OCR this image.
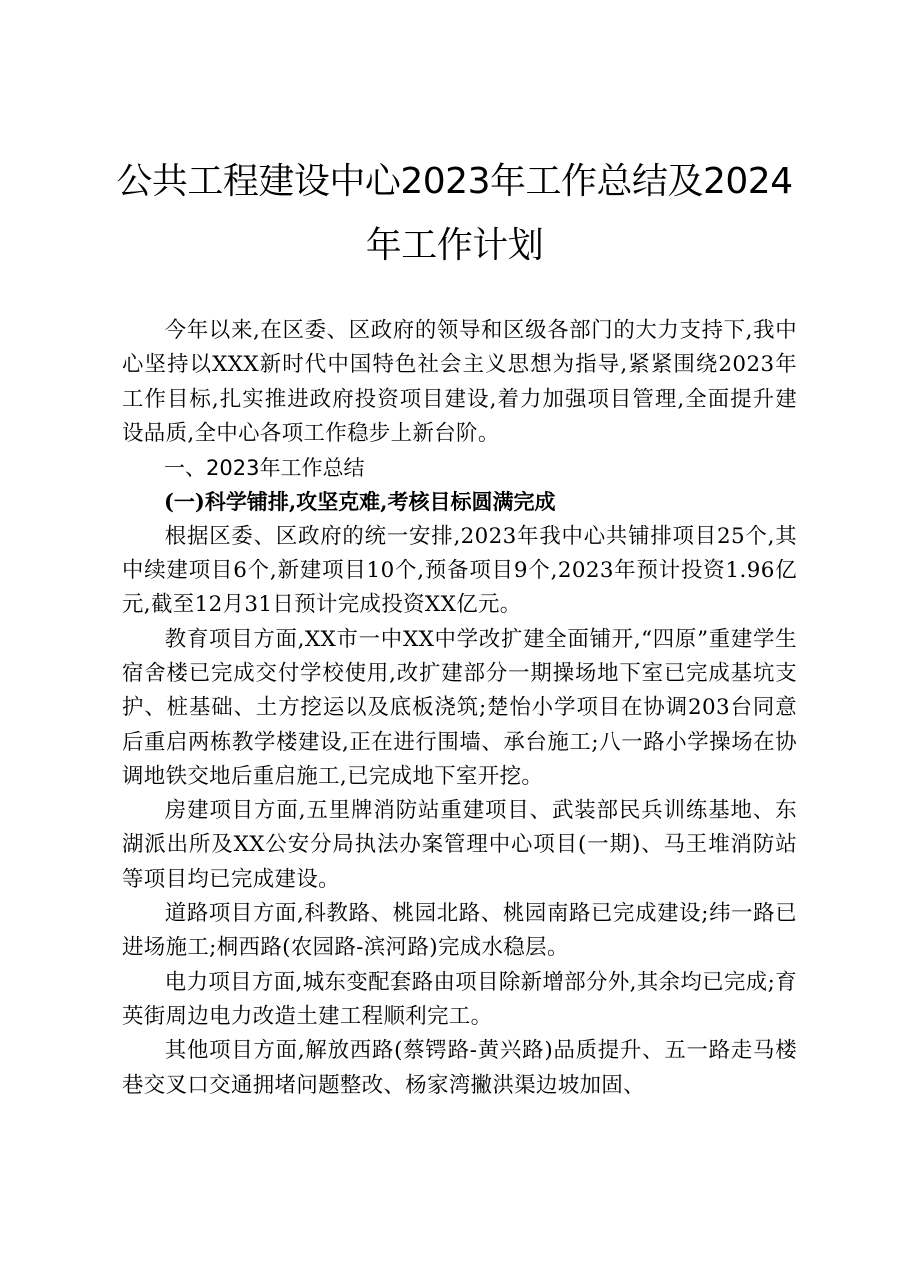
公共工程建设中心2023年工作总结及2024
年工作计划

今年以来,在区委、区政府的领导和区级各部门的大力支持下,我中心坚持以XXX新时代中国特色社会主义思想为指导,紧紧围绕2023年工作目标,扎实推进政府投资项目建设,着力加强项目管理,全面提升建设品质,全中心各项工作稳步上新台阶。

一、2023年工作总结

(一)科学铺排,攻坚克难,考核目标圆满完成

根据区委、区政府的统一安排,2023年我中心共铺排项目25个,其中续建项目6个,新建项目10个,预备项目9个,2023年预计投资1.96亿元,截至12月31日预计完成投资XX亿元。

教育项目方面,XX市一中XX中学改扩建全面铺开,“四原”重建学生宿舍楼已完成交付学校使用,改扩建部分一期操场地下室已完成基坑支护、桩基础、土方挖运以及底板浇筑;楚怡小学项目在协调203台同意后重启两栋教学楼建设,正在进行围墙、承台施工;八一路小学操场在协调地铁交地后重启施工,已完成地下室开挖。

房建项目方面,五里牌消防站重建项目、武装部民兵训练基地、东湖派出所及XX公安分局执法办案管理中心项目(一期)、马王堆消防站等项目均已完成建设。

道路项目方面,科教路、桃园北路、桃园南路已完成建设;纬一路已进场施工;桐西路(农园路-滨河路)完成水稳层。

电力项目方面,城东变配套路由项目除新增部分外,其余均已完成;育英街周边电力改造土建工程顺利完工。

其他项目方面,解放西路(蔡锷路-黄兴路)品质提升、五一路走马楼巷交叉口交通拥堵问题整改、杨家湾撇洪渠边坡加固、
